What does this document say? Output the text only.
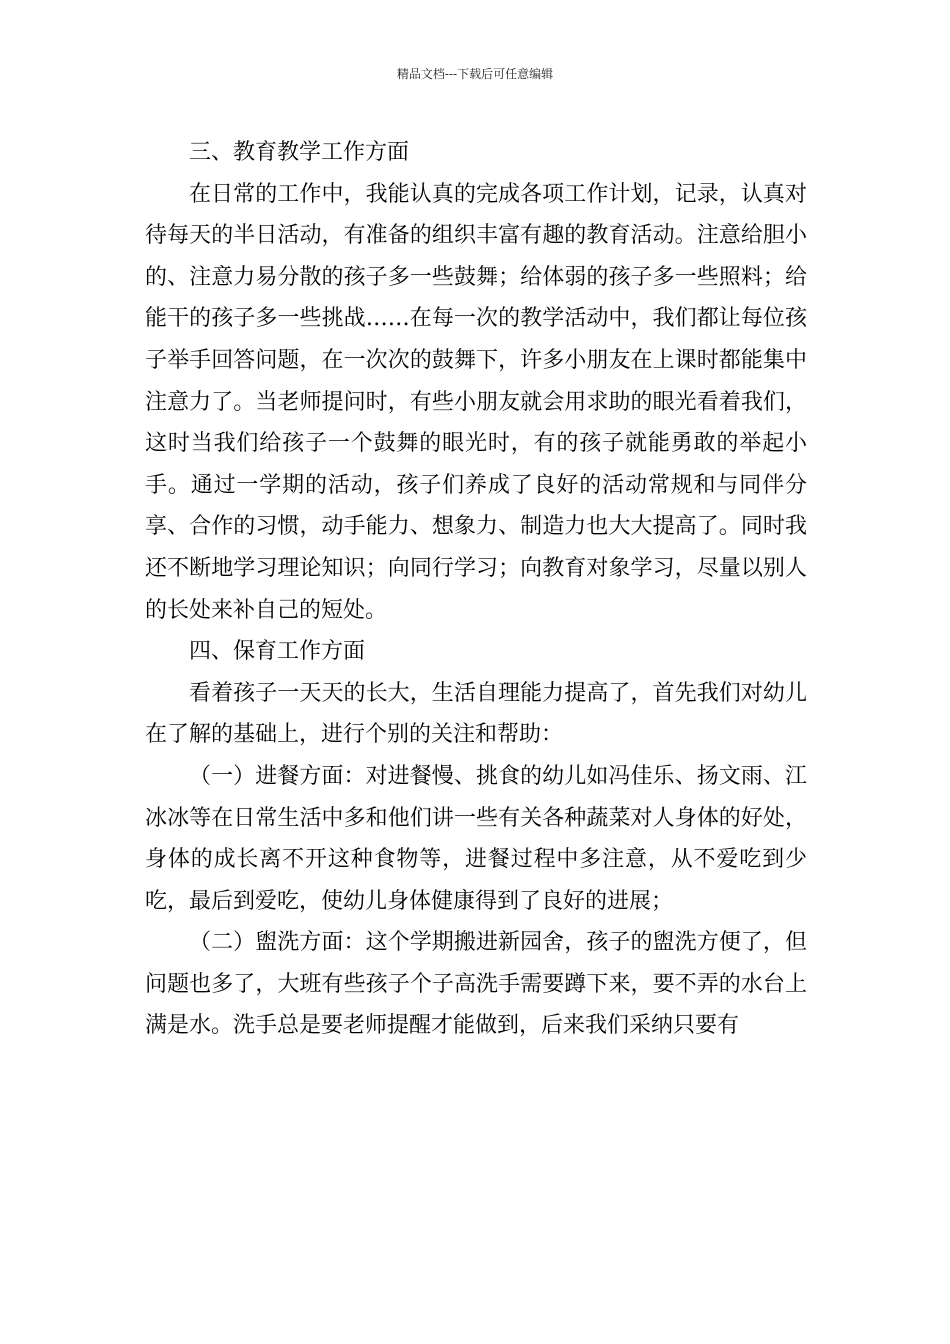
精品文档---下载后可任意编辑

三、教育教学工作方面

在日常的工作中，我能认真的完成各项工作计划，记录，认真对待每天的半日活动，有准备的组织丰富有趣的教育活动。注意给胆小的、注意力易分散的孩子多一些鼓舞；给体弱的孩子多一些照料；给能干的孩子多一些挑战……在每一次的教学活动中，我们都让每位孩子举手回答问题，在一次次的鼓舞下，许多小朋友在上课时都能集中注意力了。当老师提问时，有些小朋友就会用求助的眼光看着我们，这时当我们给孩子一个鼓舞的眼光时，有的孩子就能勇敢的举起小手。通过一学期的活动，孩子们养成了良好的活动常规和与同伴分享、合作的习惯，动手能力、想象力、制造力也大大提高了。同时我还不断地学习理论知识；向同行学习；向教育对象学习，尽量以别人的长处来补自己的短处。

四、保育工作方面

看着孩子一天天的长大，生活自理能力提高了，首先我们对幼儿在了解的基础上，进行个别的关注和帮助：

（一）进餐方面：对进餐慢、挑食的幼儿如冯佳乐、扬文雨、江冰冰等在日常生活中多和他们讲一些有关各种蔬菜对人身体的好处，身体的成长离不开这种食物等，进餐过程中多注意，从不爱吃到少吃，最后到爱吃，使幼儿身体健康得到了良好的进展；

（二）盥洗方面：这个学期搬进新园舍，孩子的盥洗方便了，但问题也多了，大班有些孩子个子高洗手需要蹲下来，要不弄的水台上满是水。洗手总是要老师提醒才能做到，后来我们采纳只要有
